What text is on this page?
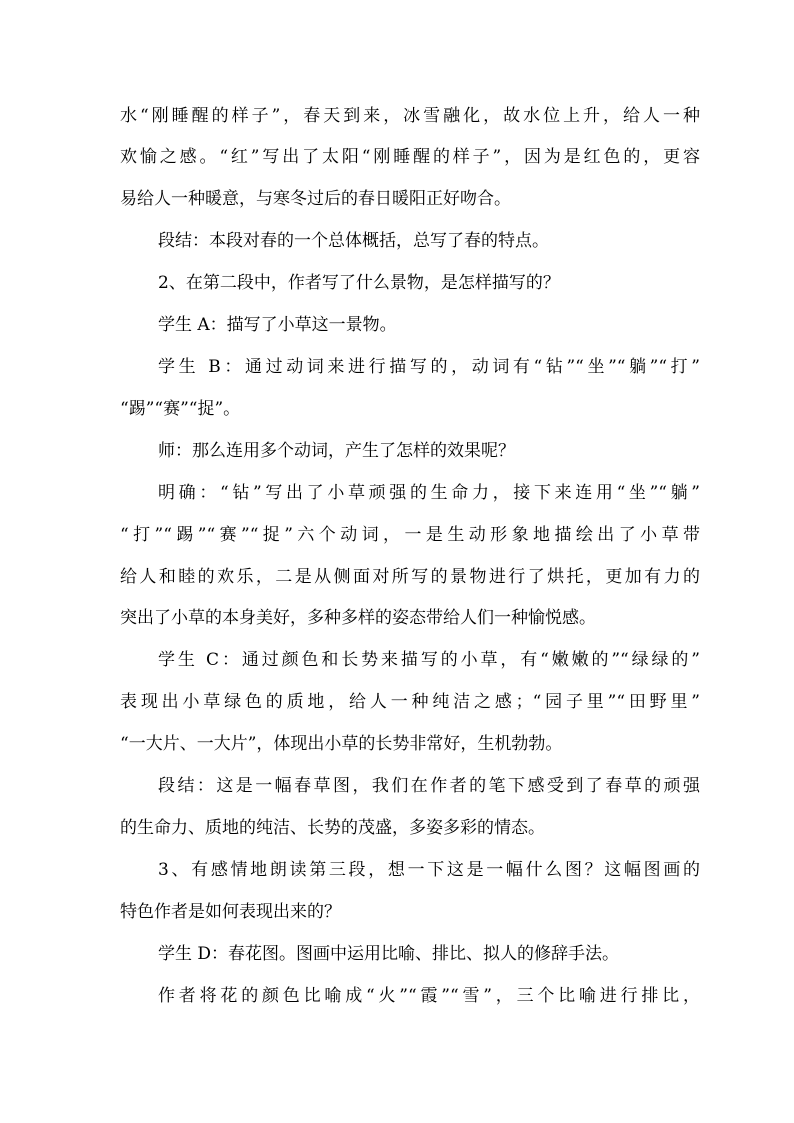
水“刚睡醒的样子”，春天到来，冰雪融化，故水位上升，给人一种

欢愉之感。“红”写出了太阳“刚睡醒的样子”，因为是红色的，更容

易给人一种暖意，与寒冬过后的春日暖阳正好吻合。

段结：本段对春的一个总体概括，总写了春的特点。

2、在第二段中，作者写了什么景物，是怎样描写的？

学生 A：描写了小草这一景物。

学生 B：通过动词来进行描写的，动词有“钻”“坐”“躺”“打”

“踢”“赛”“捉”。

师：那么连用多个动词，产生了怎样的效果呢？

明确：“钻”写出了小草顽强的生命力，接下来连用“坐”“躺”

“打”“踢”“赛”“捉”六个动词，一是生动形象地描绘出了小草带

给人和睦的欢乐，二是从侧面对所写的景物进行了烘托，更加有力的

突出了小草的本身美好，多种多样的姿态带给人们一种愉悦感。

学生 C：通过颜色和长势来描写的小草，有“嫩嫩的”“绿绿的”

表现出小草绿色的质地，给人一种纯洁之感；“园子里”“田野里”

“一大片、一大片”，体现出小草的长势非常好，生机勃勃。

段结：这是一幅春草图，我们在作者的笔下感受到了春草的顽强

的生命力、质地的纯洁、长势的茂盛，多姿多彩的情态。

3、有感情地朗读第三段，想一下这是一幅什么图？这幅图画的

特色作者是如何表现出来的？

学生 D：春花图。图画中运用比喻、排比、拟人的修辞手法。

作者将花的颜色比喻成“火”“霞”“雪”，三个比喻进行排比，
